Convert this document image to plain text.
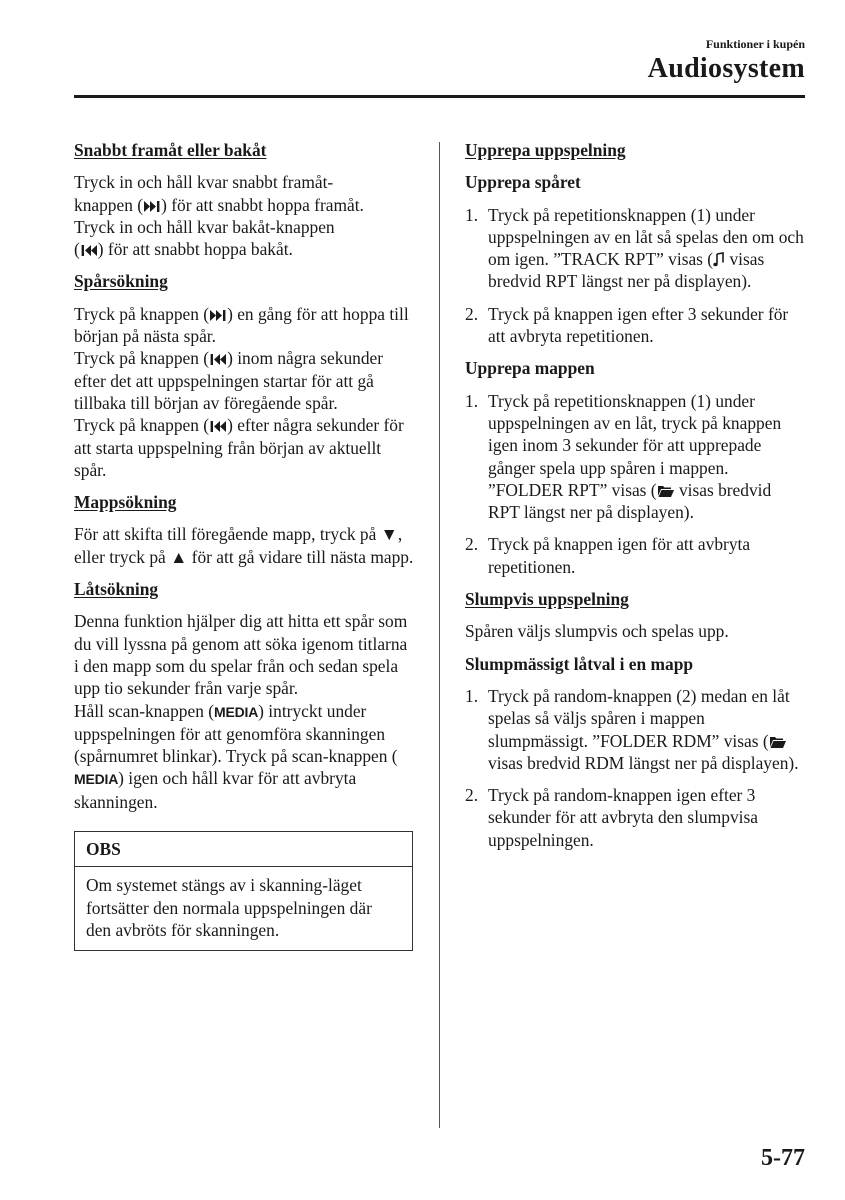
Funktioner i kupén
Audiosystem
Snabbt framåt eller bakåt

Tryck in och håll kvar snabbt framåt-
knappen ( ) för att snabbt hoppa framåt.

Tryck in och håll kvar bakåt-knappen
( ) för att snabbt hoppa bakåt.

Spårsökning

Tryck på knappen ( ) en gång för att hoppa till början på nästa spår.
Tryck på knappen ( ) inom några sekunder efter det att uppspelningen startar för att gå tillbaka till början av föregående spår.
Tryck på knappen ( ) efter några sekunder för att starta uppspelning från början av aktuellt spår.

Mappsökning

För att skifta till föregående mapp, tryck på ▼, eller tryck på ▲ för att gå vidare till nästa mapp.

Låtsökning

Denna funktion hjälper dig att hitta ett spår som du vill lyssna på genom att söka igenom titlarna i den mapp som du spelar från och sedan spela upp tio sekunder från varje spår.
Håll scan-knappen (MEDIA) intryckt under uppspelningen för att genomföra skanningen (spårnumret blinkar). Tryck på scan-knappen (MEDIA) igen och håll kvar för att avbryta skanningen.

OBS
Om systemet stängs av i skanning-läget fortsätter den normala uppspelningen där den avbröts för skanningen.
Upprepa uppspelning
Upprepa spåret
1. Tryck på repetitionsknappen (1) under uppspelningen av en låt så spelas den om och om igen. ”TRACK RPT” visas (
visas bredvid RPT längst ner på displayen).
2. Tryck på knappen igen efter 3 sekunder för att avbryta repetitionen.
Upprepa mappen
1. Tryck på repetitionsknappen (1) under uppspelningen av en låt, tryck på knappen igen inom 3 sekunder för att upprepade gånger spela upp spåren i mappen. ”FOLDER RPT” visas (
visas bredvid RPT längst ner på displayen).
2. Tryck på knappen igen för att avbryta repetitionen.
Slumpvis uppspelning

Spåren väljs slumpvis och spelas upp.

Slumpmässigt låtval i en mapp
1. Tryck på random-knappen (2) medan en låt spelas så väljs spåren i mappen slumpmässigt. ”FOLDER RDM” visas (
visas bredvid RDM längst ner på displayen).
2. Tryck på random-knappen igen efter 3 sekunder för att avbryta den slumpvisa uppspelningen.
5-77
